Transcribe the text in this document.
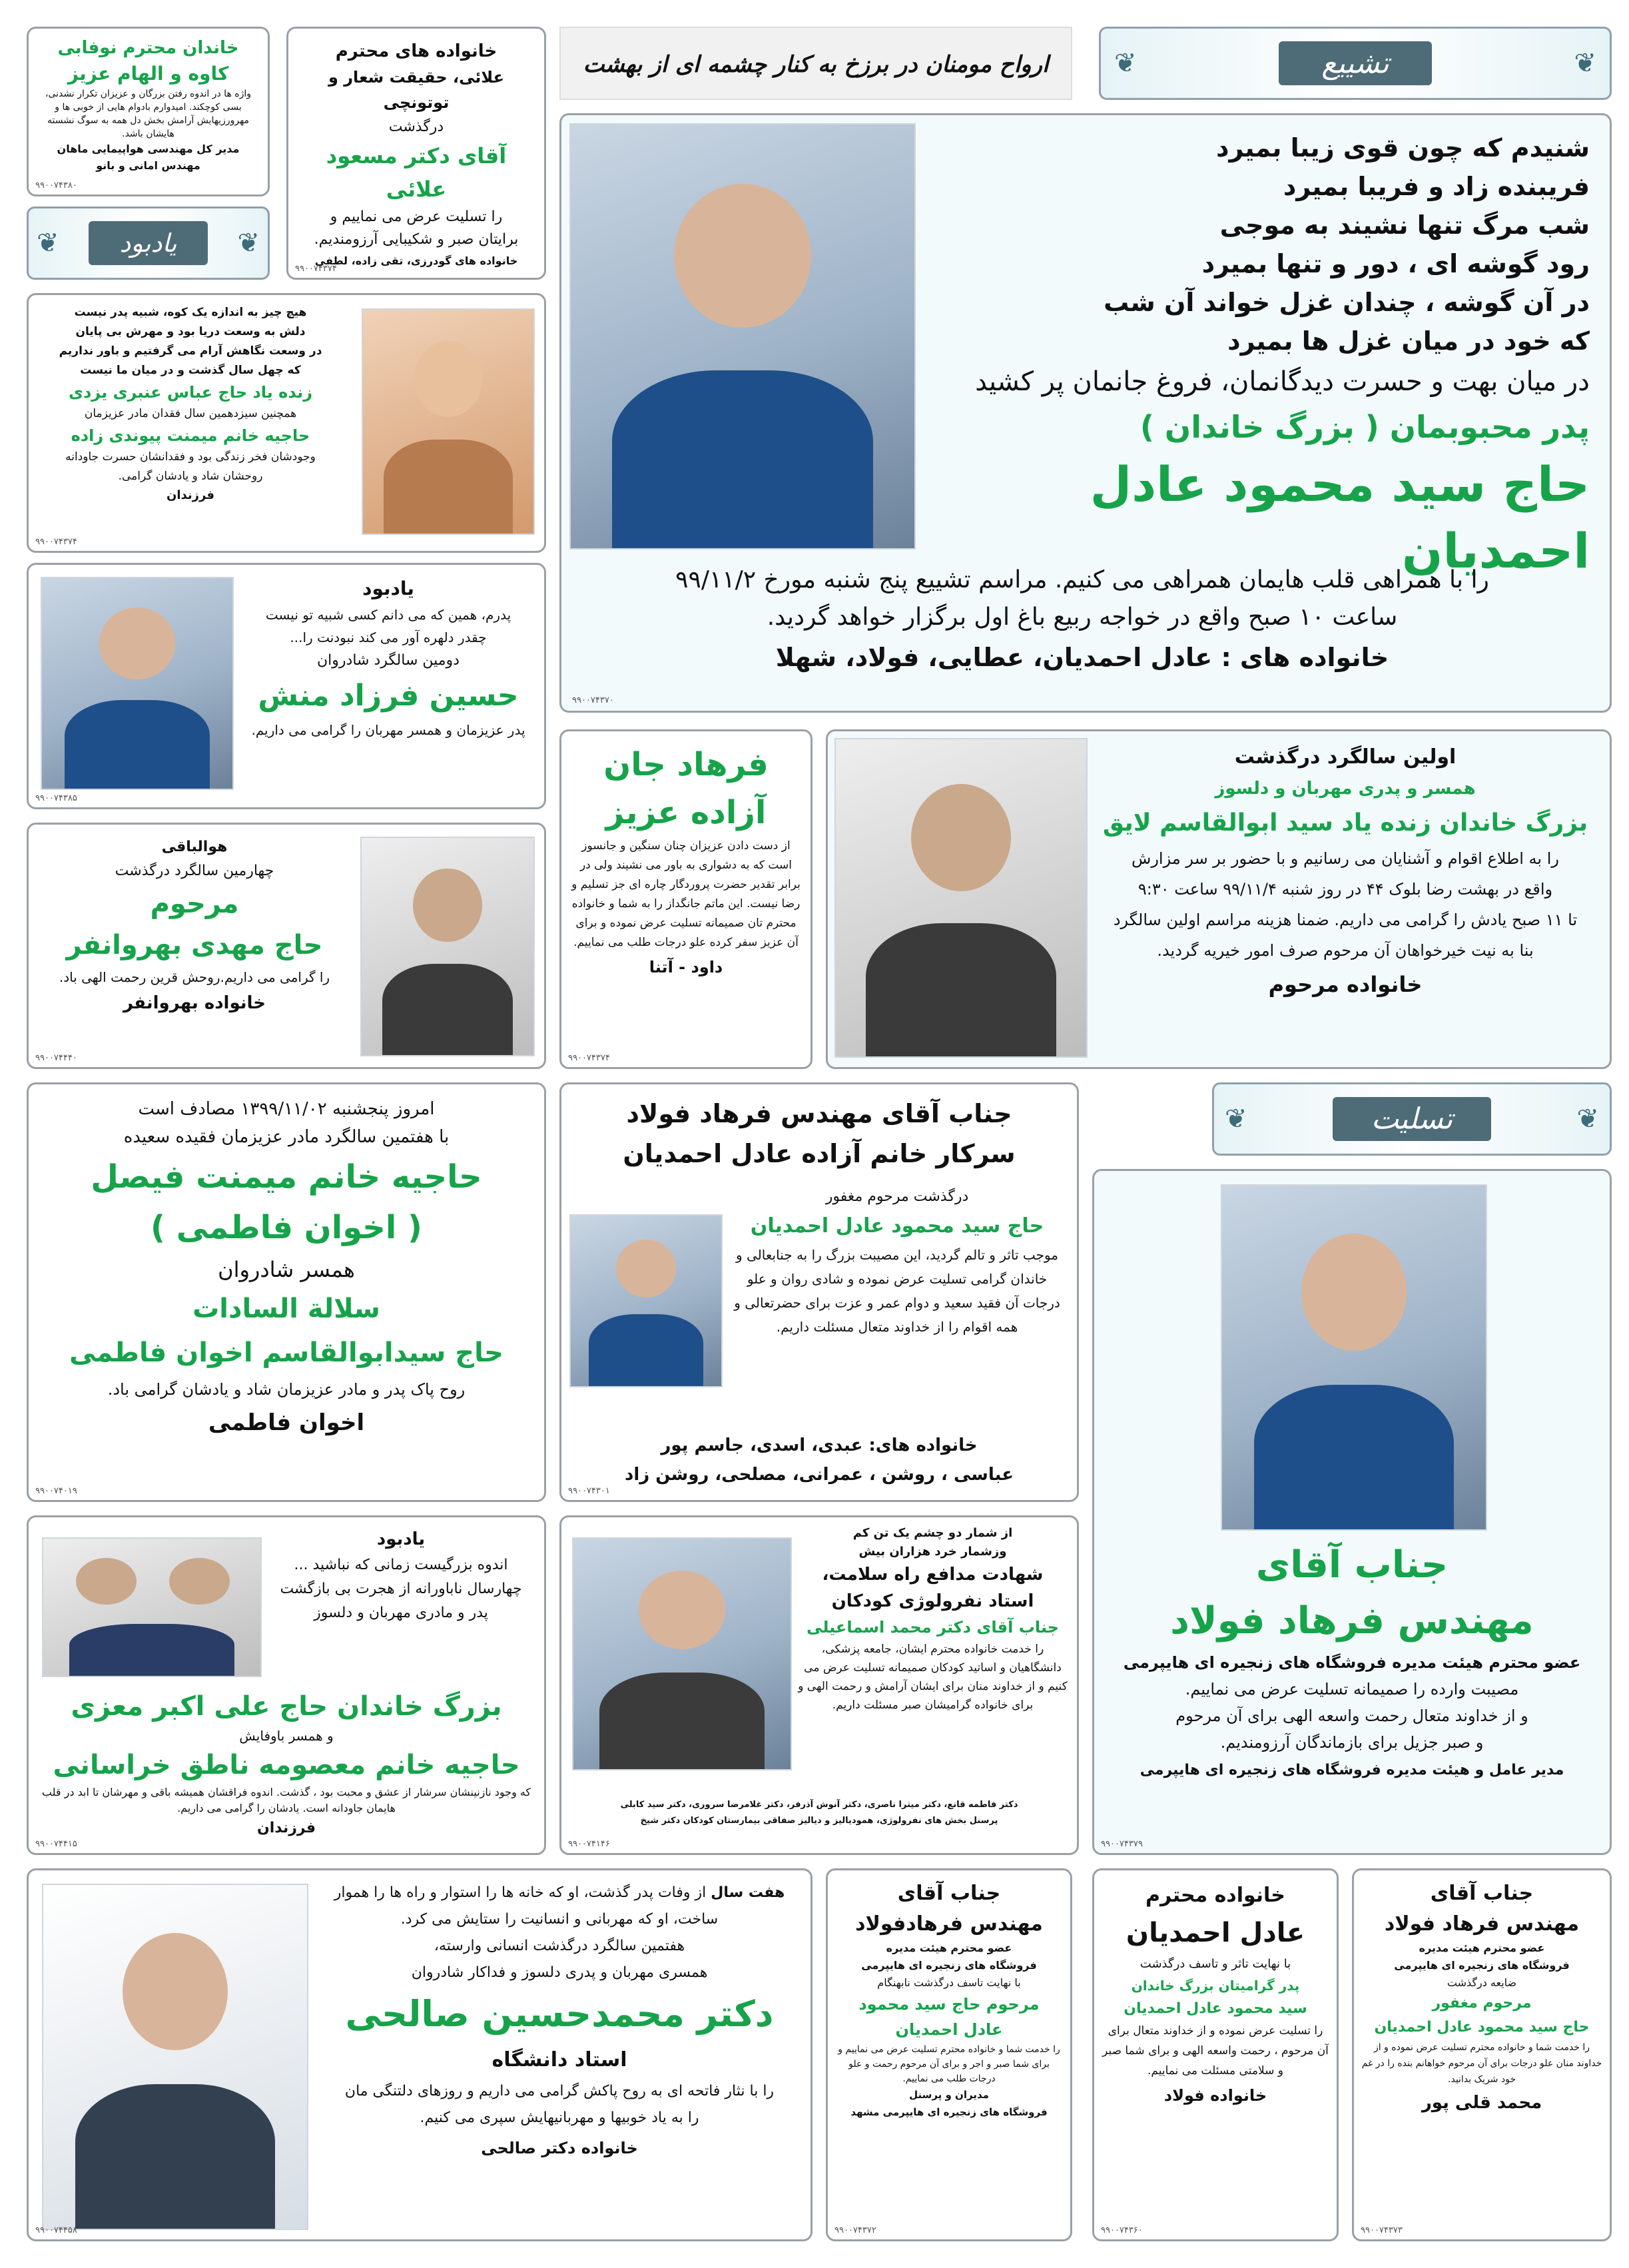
ارواح مومنان در برزخ به کنار چشمه ای از بهشت	تشییع	❦
❦
شنیدم که چون قوی زیبا بمیرد
فریبنده زاد و فریبا بمیرد
شب مرگ تنها نشیند به موجی
رود گوشه ای ، دور و تنها بمیرد
در آن گوشه ، چندان غزل خواند آن شب
که خود در میان غزل ها بمیرد
در میان بهت و حسرت دیدگانمان، فروغ جانمان پر کشید
پدر محبوبمان ( بزرگ خاندان )
حاج سید محمود عادل احمدیان
را با همراهی قلب هایمان همراهی می کنیم. مراسم تشییع پنج شنبه مورخ ۹۹/۱۱/۲
ساعت ۱۰ صبح واقع در خواجه ربیع باغ اول برگزار خواهد گردید.
خانواده های : عادل احمدیان، عطایی، فولاد، شهلا
۹۹۰۰۷۴۳۷۰
خاندان محترم نوفابی
کاوه و الهام عزیز
واژه ها در اندوه رفتن بزرگان و عزیزان تکرار نشدنی، بسی کوچکند. امیدوارم بادوام هایی از خوبی ها و مهرورزیهایش آرامش بخش دل همه به سوگ نشسته هایشان باشد.
مدیر کل مهندسی هواپیمایی ماهان
مهندس امانی و بانو
۹۹۰۰۷۴۳۸۰
یادبود	❦
❦
خانواده های محترم
علائی، حقیقت شعار و توتونچی
درگذشت
آقای دکتر مسعود علائی
را تسلیت عرض می نماییم و
برایتان صبر و شکیبایی آرزومندیم.
خانواده های گودرزی، تقی زاده، لطفی
۹۹۰۰۷۴۳۷۴
هیچ چیز به اندازه یک کوه، شبیه پدر نیست
دلش به وسعت دریا بود و مهرش بی پایان
در وسعت نگاهش آرام می گرفتیم و باور نداریم
که چهل سال گذشت و در میان ما نیست
زنده یاد حاج عباس عنبری یزدی
همچنین سیزدهمین سال فقدان مادر عزیزمان
حاجیه خانم میمنت پیوندی زاده
وجودشان فخر زندگی بود و فقدانشان حسرت جاودانه
روحشان شاد و یادشان گرامی.
فرزندان
۹۹۰۰۷۴۳۷۴
یادبود
پدرم، همین که می دانم کسی شبیه تو نیست
چقدر دلهره آور می کند نبودنت را...
دومین سالگرد شادروان
حسین فرزاد منش
پدر عزیزمان و همسر مهربان را گرامی می داریم.
۹۹۰۰۷۴۳۸۵
هوالباقی
چهارمین سالگرد درگذشت
مرحوم
حاج مهدی بهروانفر
را گرامی می داریم.روحش قرین رحمت الهی باد.
خانواده بهروانفر
۹۹۰۰۷۴۴۴۰
فرهاد جان
آزاده عزیز
از دست دادن عزیزان چنان سنگین و جانسوز است که به دشواری به باور می نشیند ولی در برابر تقدیر حضرت پروردگار چاره ای جز تسلیم و رضا نیست. این ماتم جانگداز را به شما و خانواده محترم تان صمیمانه تسلیت عرض نموده و برای آن عزیز سفر کرده علو درجات طلب می نماییم.
داود - آتنا
۹۹۰۰۷۴۳۷۴
اولین سالگرد درگذشت
همسر و پدری مهربان و دلسوز
بزرگ خاندان زنده یاد سید ابوالقاسم لایق
را به اطلاع اقوام و آشنایان می رسانیم و با حضور بر سر مزارش
واقع در بهشت رضا بلوک ۴۴ در روز شنبه ۹۹/۱۱/۴ ساعت ۹:۳۰
تا ۱۱ صبح یادش را گرامی می داریم. ضمنا هزینه مراسم اولین سالگرد
بنا به نیت خیرخواهان آن مرحوم صرف امور خیریه گردید.
خانواده مرحوم
امروز پنجشنبه ۱۳۹۹/۱۱/۰۲ مصادف است
با هفتمین سالگرد مادر عزیزمان فقیده سعیده
حاجیه خانم میمنت فیصل
( اخوان فاطمی )
همسر شادروان
سلالة السادات
حاج سیدابوالقاسم اخوان فاطمی
روح پاک پدر و مادر عزیزمان شاد و یادشان گرامی باد.
اخوان فاطمی
۹۹۰۰۷۴۰۱۹
جناب آقای مهندس فرهاد فولاد
سرکار خانم آزاده عادل احمدیان
درگذشت مرحوم مغفور
حاج سید محمود عادل احمدیان
موجب تاثر و تالم گردید، این مصیبت بزرگ را به جنابعالی و خاندان گرامی تسلیت عرض نموده و شادی روان و علو درجات آن فقید سعید و دوام عمر و عزت برای حضرتعالی و همه اقوام را از خداوند متعال مسئلت داریم.
خانواده های: عبدی، اسدی، جاسم پور
عباسی ، روشن ، عمرانی، مصلحی، روشن زاد
۹۹۰۰۷۴۳۰۱
تسلیت	❦
❦
جناب آقای
مهندس فرهاد فولاد
عضو محترم هیئت مدیره فروشگاه های زنجیره ای هایپرمی
مصیبت وارده را صمیمانه تسلیت عرض می نماییم.
و از خداوند متعال رحمت واسعه الهی برای آن مرحوم
و صبر جزیل برای بازماندگان آرزومندیم.
مدیر عامل و هیئت مدیره فروشگاه های زنجیره ای هایپرمی
۹۹۰۰۷۴۳۷۹
یادبود
اندوه بزرگیست زمانی که نباشید ...
چهارسال ناباورانه از هجرت بی بازگشت
پدر و مادری مهربان و دلسوز
بزرگ خاندان حاج علی اکبر معزی
و همسر باوفایش
حاجیه خانم معصومه ناطق خراسانی
که وجود نازنینشان سرشار از عشق و محبت بود ، گذشت. اندوه فراقشان همیشه باقی و مهرشان تا ابد در قلب هایمان جاودانه است. یادشان را گرامی می داریم.
فرزندان
۹۹۰۰۷۴۴۱۵
از شمار دو چشم یک تن کم
وزشمار خرد هزاران بیش
شهادت مدافع راه سلامت،
استاد نفرولوژی کودکان
جناب آقای دکتر محمد اسماعیلی
را خدمت خانواده محترم ایشان، جامعه پزشکی، دانشگاهیان و اساتید کودکان صمیمانه تسلیت عرض می کنیم و از خداوند منان برای ایشان آرامش و رحمت الهی و برای خانواده گرامیشان صبر مسئلت داریم.
دکتر فاطمه قانع، دکتر میترا ناصری، دکتر آنوش آذرفر، دکتر غلامرضا سروری، دکتر سید کابلی
پرسنل بخش های نفرولوژی، همودیالیز و دیالیز صفاقی بیمارستان کودکان دکتر شیخ
۹۹۰۰۷۴۱۴۶
هفت سال از وفات پدر گذشت، او که خانه ها را استوار و راه ها را هموار
ساخت، او که مهربانی و انسانیت را ستایش می کرد.
هفتمین سالگرد درگذشت انسانی وارسته،
همسری مهربان و پدری دلسوز و فداکار شادروان
دکتر محمدحسین صالحی
استاد دانشگاه
را با نثار فاتحه ای به روح پاکش گرامی می داریم و روزهای دلتنگی مان
را به یاد خوبیها و مهربانیهایش سپری می کنیم.
خانواده دکتر صالحی
۹۹۰۰۷۴۴۵۸
جناب آقای
مهندس فرهادفولاد
عضو محترم هیئت مدیره
فروشگاه های زنجیره ای هایپرمی
با نهایت تاسف درگذشت نابهنگام
مرحوم حاج سید محمود
عادل احمدیان
را خدمت شما و خانواده محترم تسلیت عرض می نماییم و برای شما صبر و اجر و برای آن مرحوم رحمت و علو درجات طلب می نماییم.
مدیران و پرسنل
فروشگاه های زنجیره ای هایپرمی مشهد
۹۹۰۰۷۴۳۷۲
خانواده محترم
عادل احمدیان
با نهایت تاثر و تاسف درگذشت
پدر گرامیتان بزرگ خاندان
سید محمود عادل احمدیان
را تسلیت عرض نموده و از خداوند متعال برای آن مرحوم ، رحمت واسعه الهی و برای شما صبر و سلامتی مسئلت می نماییم.
خانواده فولاد
۹۹۰۰۷۴۳۶۰
جناب آقای
مهندس فرهاد فولاد
عضو محترم هیئت مدیره
فروشگاه های زنجیره ای هایپرمی
ضایعه درگذشت
مرحوم مغفور
حاج سید محمود عادل احمدیان
را خدمت شما و خانواده محترم تسلیت عرض نموده و از خداوند منان علو درجات برای آن مرحوم خواهانم بنده را در غم خود شریک بدانید.
محمد قلی پور
۹۹۰۰۷۴۳۷۳
